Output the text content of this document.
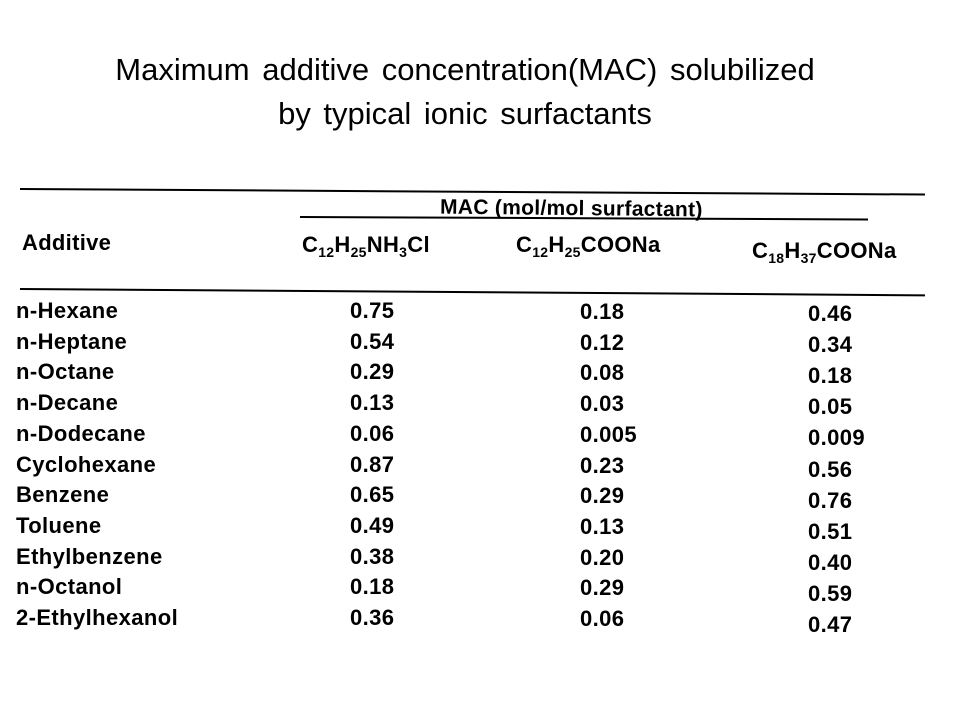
Maximum additive concentration(MAC) solubilized
by typical ionic surfactants
MAC (mol/mol surfactant)
Additive	$C_{12}H_{25}NH_3Cl$	$C_{12}H_{25}COONa$	$C_{18}H_{37}COONa$
n-Hexane	0.75	0.18	0.46
n-Heptane	0.54	0.12	0.34
n-Octane	0.29	0.08	0.18
n-Decane	0.13	0.03	0.05
n-Dodecane	0.06	0.005	0.009
Cyclohexane	0.87	0.23	0.56
Benzene	0.65	0.29	0.76
Toluene	0.49	0.13	0.51
Ethylbenzene	0.38	0.20	0.40
n-Octanol	0.18	0.29	0.59
2-Ethylhexanol	0.36	0.06	0.47
